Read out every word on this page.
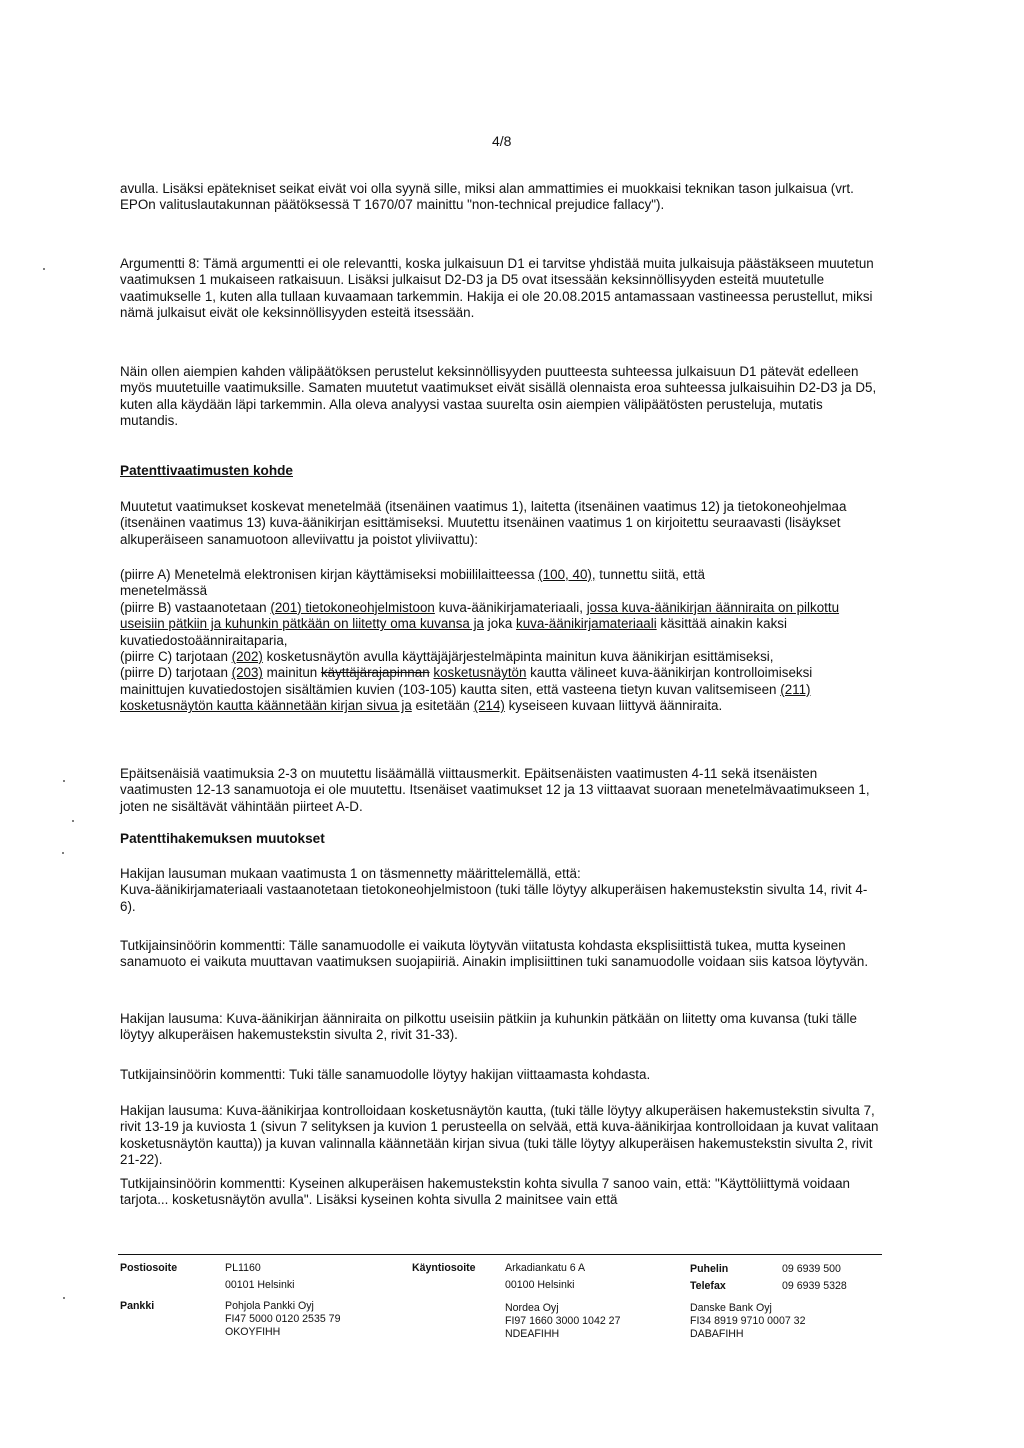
4/8

avulla. Lisäksi epätekniset seikat eivät voi olla syynä sille, miksi alan ammattimies ei muokkaisi teknikan tason julkaisua (vrt. EPOn valituslautakunnan päätöksessä T 1670/07 mainittu "non-technical prejudice fallacy").

Argumentti 8: Tämä argumentti ei ole relevantti, koska julkaisuun D1 ei tarvitse yhdistää muita julkaisuja päästäkseen muutetun vaatimuksen 1 mukaiseen ratkaisuun. Lisäksi julkaisut D2-D3 ja D5 ovat itsessään keksinnöllisyyden esteitä muutetulle vaatimukselle 1, kuten alla tullaan kuvaamaan tarkemmin. Hakija ei ole 20.08.2015 antamassaan vastineessa perustellut, miksi nämä julkaisut eivät ole keksinnöllisyyden esteitä itsessään.

Näin ollen aiempien kahden välipäätöksen perustelut keksinnöllisyyden puutteesta suhteessa julkaisuun D1 pätevät edelleen myös muutetuille vaatimuksille. Samaten muutetut vaatimukset eivät sisällä olennaista eroa suhteessa julkaisuihin D2-D3 ja D5, kuten alla käydään läpi tarkemmin. Alla oleva analyysi vastaa suurelta osin aiempien välipäätösten perusteluja, mutatis mutandis.

Patenttivaatimusten kohde

Muutetut vaatimukset koskevat menetelmää (itsenäinen vaatimus 1), laitetta (itsenäinen vaatimus 12) ja tietokoneohjelmaa (itsenäinen vaatimus 13) kuva-äänikirjan esittämiseksi. Muutettu itsenäinen vaatimus 1 on kirjoitettu seuraavasti (lisäykset alkuperäiseen sanamuotoon alleviivattu ja poistot yliviivattu):

(piirre A) Menetelmä elektronisen kirjan käyttämiseksi mobiililaitteessa (100, 40), tunnettu siitä, että
menetelmässä
(piirre B) vastaanotetaan (201) tietokoneohjelmistoon kuva-äänikirjamateriaali, jossa kuva-äänikirjan äänniraita on pilkottu useisiin pätkiin ja kuhunkin pätkään on liitetty oma kuvansa ja joka kuva-äänikirjamateriaali käsittää ainakin kaksi kuvatiedostoäänniraitaparia,
(piirre C) tarjotaan (202) kosketusnäytön avulla käyttäjäjärjestelmäpinta mainitun kuva äänikirjan esittämiseksi,
(piirre D) tarjotaan (203) mainitun käyttäjärajapinnan kosketusnäytön kautta välineet kuva-äänikirjan kontrolloimiseksi mainittujen kuvatiedostojen sisältämien kuvien (103-105) kautta siten, että vasteena tietyn kuvan valitsemiseen (211) kosketusnäytön kautta käännetään kirjan sivua ja esitetään (214) kyseiseen kuvaan liittyvä äänniraita.

Epäitsenäisiä vaatimuksia 2-3 on muutettu lisäämällä viittausmerkit. Epäitsenäisten vaatimusten 4-11 sekä itsenäisten vaatimusten 12-13 sanamuotoja ei ole muutettu. Itsenäiset vaatimukset 12 ja 13 viittaavat suoraan menetelmävaatimukseen 1, joten ne sisältävät vähintään piirteet A-D.

Patenttihakemuksen muutokset

Hakijan lausuman mukaan vaatimusta 1 on täsmennetty määrittelemällä, että:
Kuva-äänikirjamateriaali vastaanotetaan tietokoneohjelmistoon (tuki tälle löytyy alkuperäisen hakemustekstin sivulta 14, rivit 4-6).

Tutkijainsinöörin kommentti: Tälle sanamuodolle ei vaikuta löytyvän viitatusta kohdasta eksplisiittistä tukea, mutta kyseinen sanamuoto ei vaikuta muuttavan vaatimuksen suojapiiriä. Ainakin implisiittinen tuki sanamuodolle voidaan siis katsoa löytyvän.

Hakijan lausuma: Kuva-äänikirjan äänniraita on pilkottu useisiin pätkiin ja kuhunkin pätkään on liitetty oma kuvansa (tuki tälle löytyy alkuperäisen hakemustekstin sivulta 2, rivit 31-33).

Tutkijainsinöörin kommentti: Tuki tälle sanamuodolle löytyy hakijan viittaamasta kohdasta.

Hakijan lausuma: Kuva-äänikirjaa kontrolloidaan kosketusnäytön kautta, (tuki tälle löytyy alkuperäisen hakemustekstin sivulta 7, rivit 13-19 ja kuviosta 1 (sivun 7 selityksen ja kuvion 1 perusteella on selvää, että kuva-äänikirjaa kontrolloidaan ja kuvat valitaan kosketusnäytön kautta)) ja kuvan valinnalla käännetään kirjan sivua (tuki tälle löytyy alkuperäisen hakemustekstin sivulta 2, rivit 21-22).

Tutkijainsinöörin kommentti: Kyseinen alkuperäisen hakemustekstin kohta sivulla 7 sanoo vain, että: "Käyttöliittymä voidaan tarjota... kosketusnäytön avulla". Lisäksi kyseinen kohta sivulla 2 mainitsee vain että

Postiosoite	PL1160
00101 Helsinki
Käyntiosoite	Arkadiankatu 6 A
00100 Helsinki
Puhelin	09 6939 500
Telefax	09 6939 5328
Pankki	Pohjola Pankki Oyj
FI47 5000 0120 2535 79
OKOYFIHH
Nordea Oyj
FI97 1660 3000 1042 27
NDEAFIHH
Danske Bank Oyj
FI34 8919 9710 0007 32
DABAFIHH
